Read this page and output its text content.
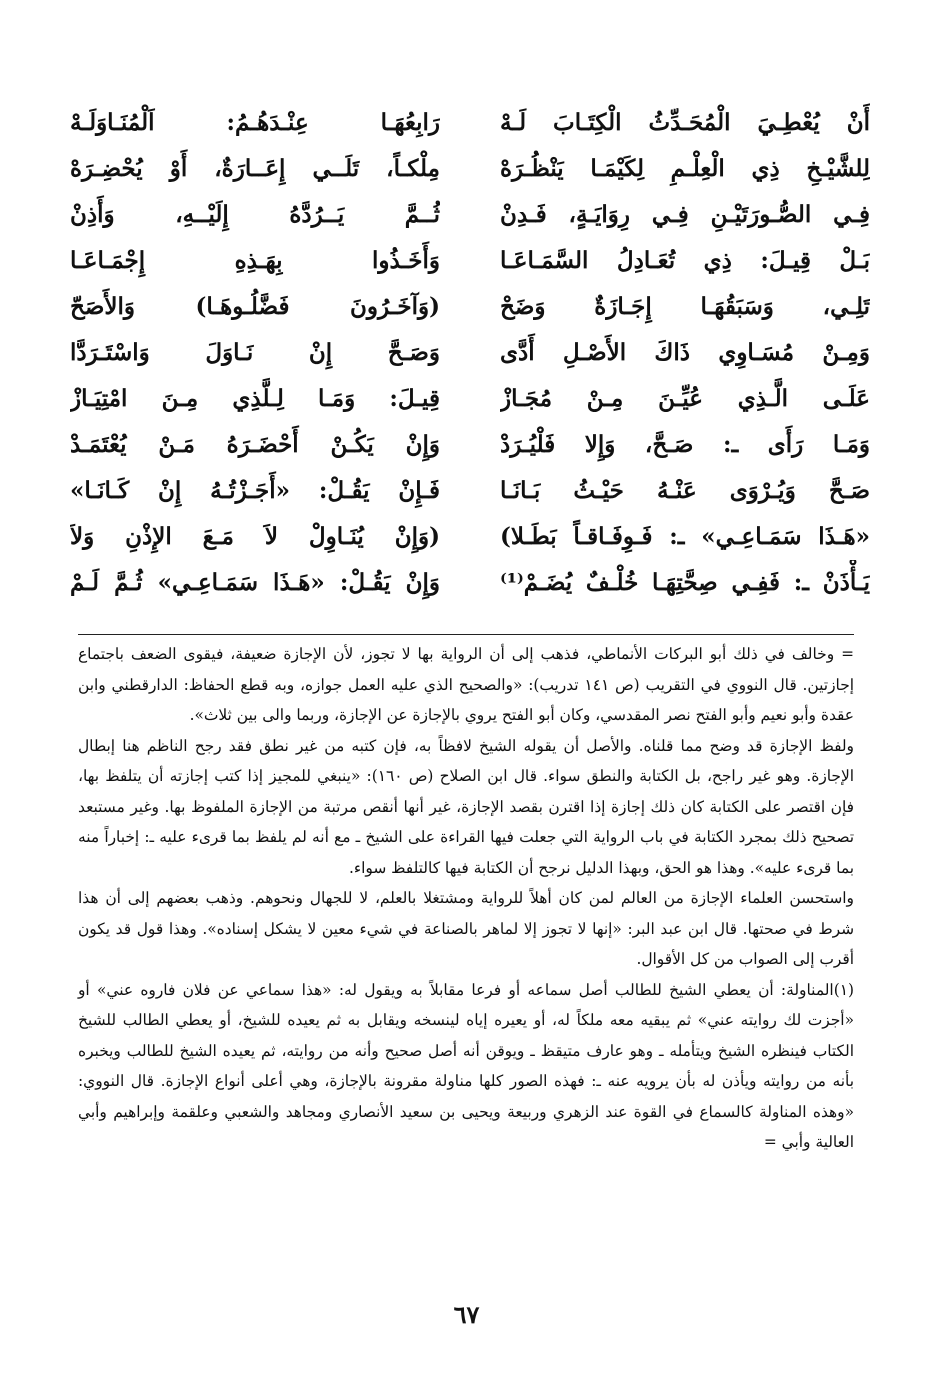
رَابِعُهَـا عِنْـدَهُـمُ: اَلْمُنَـاوَلَـهْ
مِلْكـاً، تَلَــي إِعَــارَةٌ، أَوْ يُحْضِـرَهْ
ثُــمَّ يَــرُدَّهُ إِلَيْــهِ، وَأَذِنْ
وَأَخَـذُوا بِهَـذِهِ إِجْمَـاعَـا
(وَآخَـرُونَ فَضَّلُـوهَـا) وَالأَصَحّ
وَصَـحَّ إِنْ نَـاوَلَ وَاسْتَـرَدَّا
قِيـلَ: وَمَـا لِـلَّذِي مِـنَ امْتِيَـازْ
وَإِنْ يَكُـنْ أَحْضَـرَهُ مَـنْ يُعْتَمَـدْ
فَـإِنْ يَقُـلْ: «أَجَـزْتُـهُ إِنْ كَـانَـا»
(وَإِنْ يُنَـاوِلْ لاَ مَـعَ الإِذْنِ وَلاَ
وَإِنْ يَقُـلْ: «هَـذَا سَمَـاعِـي» ثُـمَّ لَـمْ
أَنْ يُعْطِـيَ الْمُحَـدِّثُ الْكِتَـابَ لَـهْ
لِلشَّيْـخِ ذِي الْعِلْـمِ لِكَيْمَـا يَنْظُـرَهْ
فِـي الصُّـورَتَيْـنِ فِـي رِوَايَـةٍ، فَـدِنْ
بَـلْ قِيـلَ: ذِي تُعَـادِلُ السَّمَـاعَـا
تَلِـي، وَسَبَقُهَـا إِجَـازَةٌ وَضَحْ
وَمِـنْ مُسَـاوِي ذَاكَ الأَصْـلِ أَدَّى
عَلَـى الَّـذِي عُيِّـنَ مِـنْ مُجَـازْ
وَمَـا رَأَى ـ: صَـحَّ، وَإِلا فَلْيُـرَدْ
صَـحَّ وَيُـرْوَى عَنْـهُ حَيْـثُ بَـانَـا
«هَـذَا سَمَـاعِـي» ـ: فَـوِفَـاقـاً بَطَـلا)
يَـأْذَنْ ـ: فَفِـي صِحَّتِهَـا خُلْـفٌ يُضَـمْ⁽¹⁾

= وخالف في ذلك أبو البركات الأنماطي، فذهب إلى أن الرواية بها لا تجوز، لأن الإجازة ضعيفة، فيقوى الضعف باجتماع إجازتين. قال النووي في التقريب (ص ١٤١ تدريب): «والصحيح الذي عليه العمل جوازه، وبه قطع الحفاظ: الدارقطني وابن عقدة وأبو نعيم وأبو الفتح نصر المقدسي، وكان أبو الفتح يروي بالإجازة عن الإجازة، وربما والى بين ثلاث».

ولفظ الإجازة قد وضح مما قلناه. والأصل أن يقوله الشيخ لافظاً به، فإن كتبه من غير نطق فقد رجح الناظم هنا إبطال الإجازة. وهو غير راجح، بل الكتابة والنطق سواء. قال ابن الصلاح (ص ١٦٠): «ينبغي للمجيز إذا كتب إجازته أن يتلفظ بها، فإن اقتصر على الكتابة كان ذلك إجازة إذا اقترن بقصد الإجازة، غير أنها أنقص مرتبة من الإجازة الملفوظ بها. وغير مستبعد تصحيح ذلك بمجرد الكتابة في باب الرواية التي جعلت فيها القراءة على الشيخ ـ مع أنه لم يلفظ بما قرىء عليه ـ: إخباراً منه بما قرىء عليه». وهذا هو الحق، وبهذا الدليل نرجح أن الكتابة فيها كالتلفظ سواء.

واستحسن العلماء الإجازة من العالم لمن كان أهلاً للرواية ومشتغلا بالعلم، لا للجهال ونحوهم. وذهب بعضهم إلى أن هذا شرط في صحتها. قال ابن عبد البر: «إنها لا تجوز إلا لماهر بالصناعة في شيء معين لا يشكل إسناده». وهذا قول قد يكون أقرب إلى الصواب من كل الأقوال.

(١)المناولة: أن يعطي الشيخ للطالب أصل سماعه أو فرعا مقابلاً به ويقول له: «هذا سماعي عن فلان فاروه عني» أو «أجزت لك روايته عني» ثم يبقيه معه ملكاً له، أو يعيره إياه لينسخه ويقابل به ثم يعيده للشيخ، أو يعطي الطالب للشيخ الكتاب فينظره الشيخ ويتأمله ـ وهو عارف متيقظ ـ ويوقن أنه أصل صحيح وأنه من روايته، ثم يعيده الشيخ للطالب ويخبره بأنه من روايته ويأذن له بأن يرويه عنه ـ: فهذه الصور كلها مناولة مقرونة بالإجازة، وهي أعلى أنواع الإجازة. قال النووي: «وهذه المناولة كالسماع في القوة عند الزهري وربيعة ويحيى بن سعيد الأنصاري ومجاهد والشعبي وعلقمة وإبراهيم وأبي العالية وأبي =

٦٧
